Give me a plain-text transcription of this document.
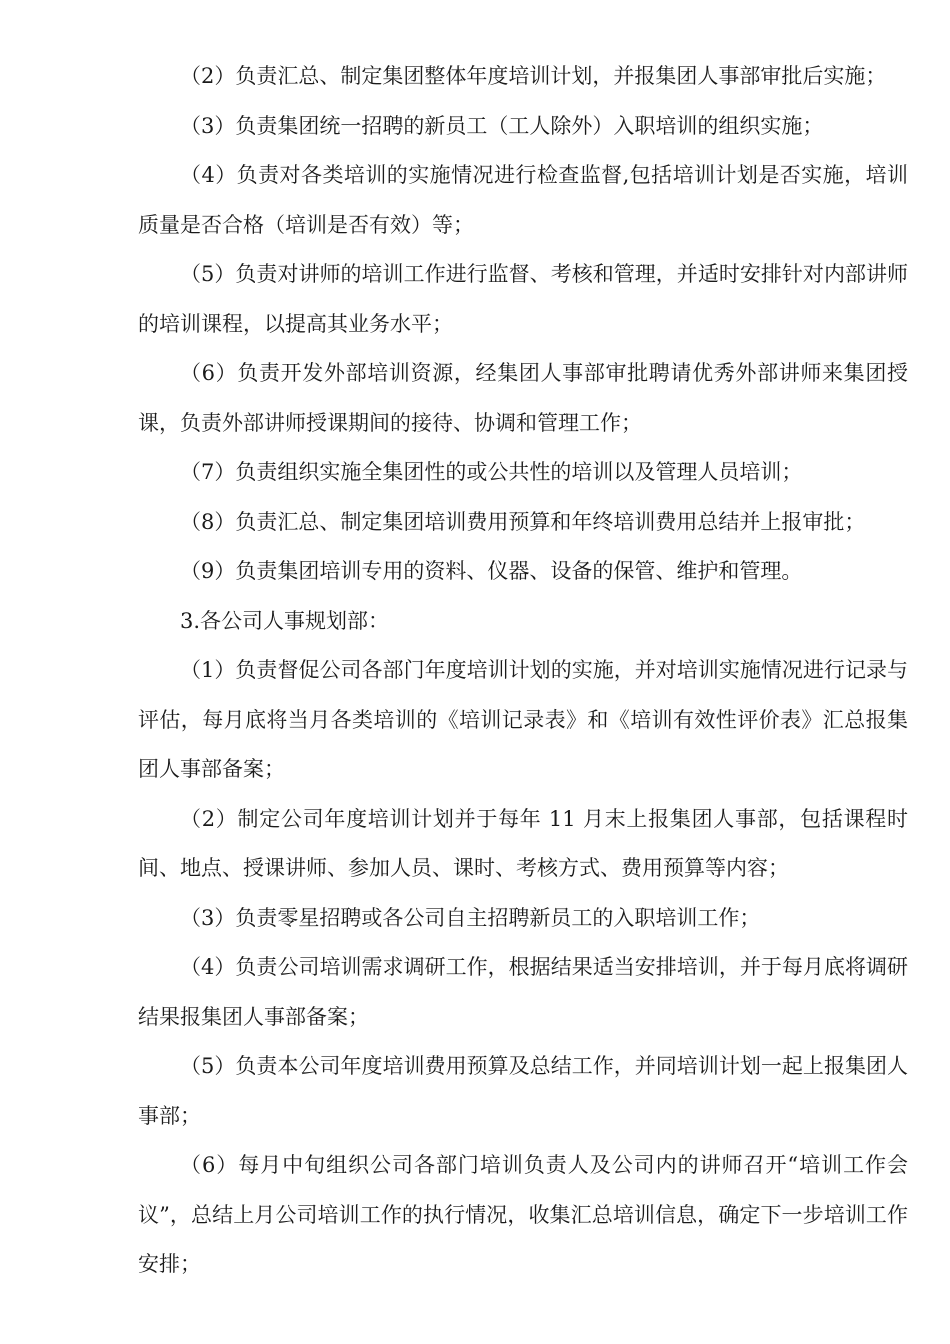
（2）负责汇总、制定集团整体年度培训计划，并报集团人事部审批后实施；

（3）负责集团统一招聘的新员工（工人除外）入职培训的组织实施；

（4）负责对各类培训的实施情况进行检查监督,包括培训计划是否实施，培训质量是否合格（培训是否有效）等；

（5）负责对讲师的培训工作进行监督、考核和管理，并适时安排针对内部讲师的培训课程，以提高其业务水平；

（6）负责开发外部培训资源，经集团人事部审批聘请优秀外部讲师来集团授课，负责外部讲师授课期间的接待、协调和管理工作；

（7）负责组织实施全集团性的或公共性的培训以及管理人员培训；

（8）负责汇总、制定集团培训费用预算和年终培训费用总结并上报审批；

（9）负责集团培训专用的资料、仪器、设备的保管、维护和管理。

3.各公司人事规划部：

（1）负责督促公司各部门年度培训计划的实施，并对培训实施情况进行记录与评估，每月底将当月各类培训的《培训记录表》和《培训有效性评价表》汇总报集团人事部备案；

（2）制定公司年度培训计划并于每年 11 月末上报集团人事部，包括课程时间、地点、授课讲师、参加人员、课时、考核方式、费用预算等内容；

（3）负责零星招聘或各公司自主招聘新员工的入职培训工作；

（4）负责公司培训需求调研工作，根据结果适当安排培训，并于每月底将调研结果报集团人事部备案；

（5）负责本公司年度培训费用预算及总结工作，并同培训计划一起上报集团人事部；

（6）每月中旬组织公司各部门培训负责人及公司内的讲师召开“培训工作会议”，总结上月公司培训工作的执行情况，收集汇总培训信息，确定下一步培训工作安排；
